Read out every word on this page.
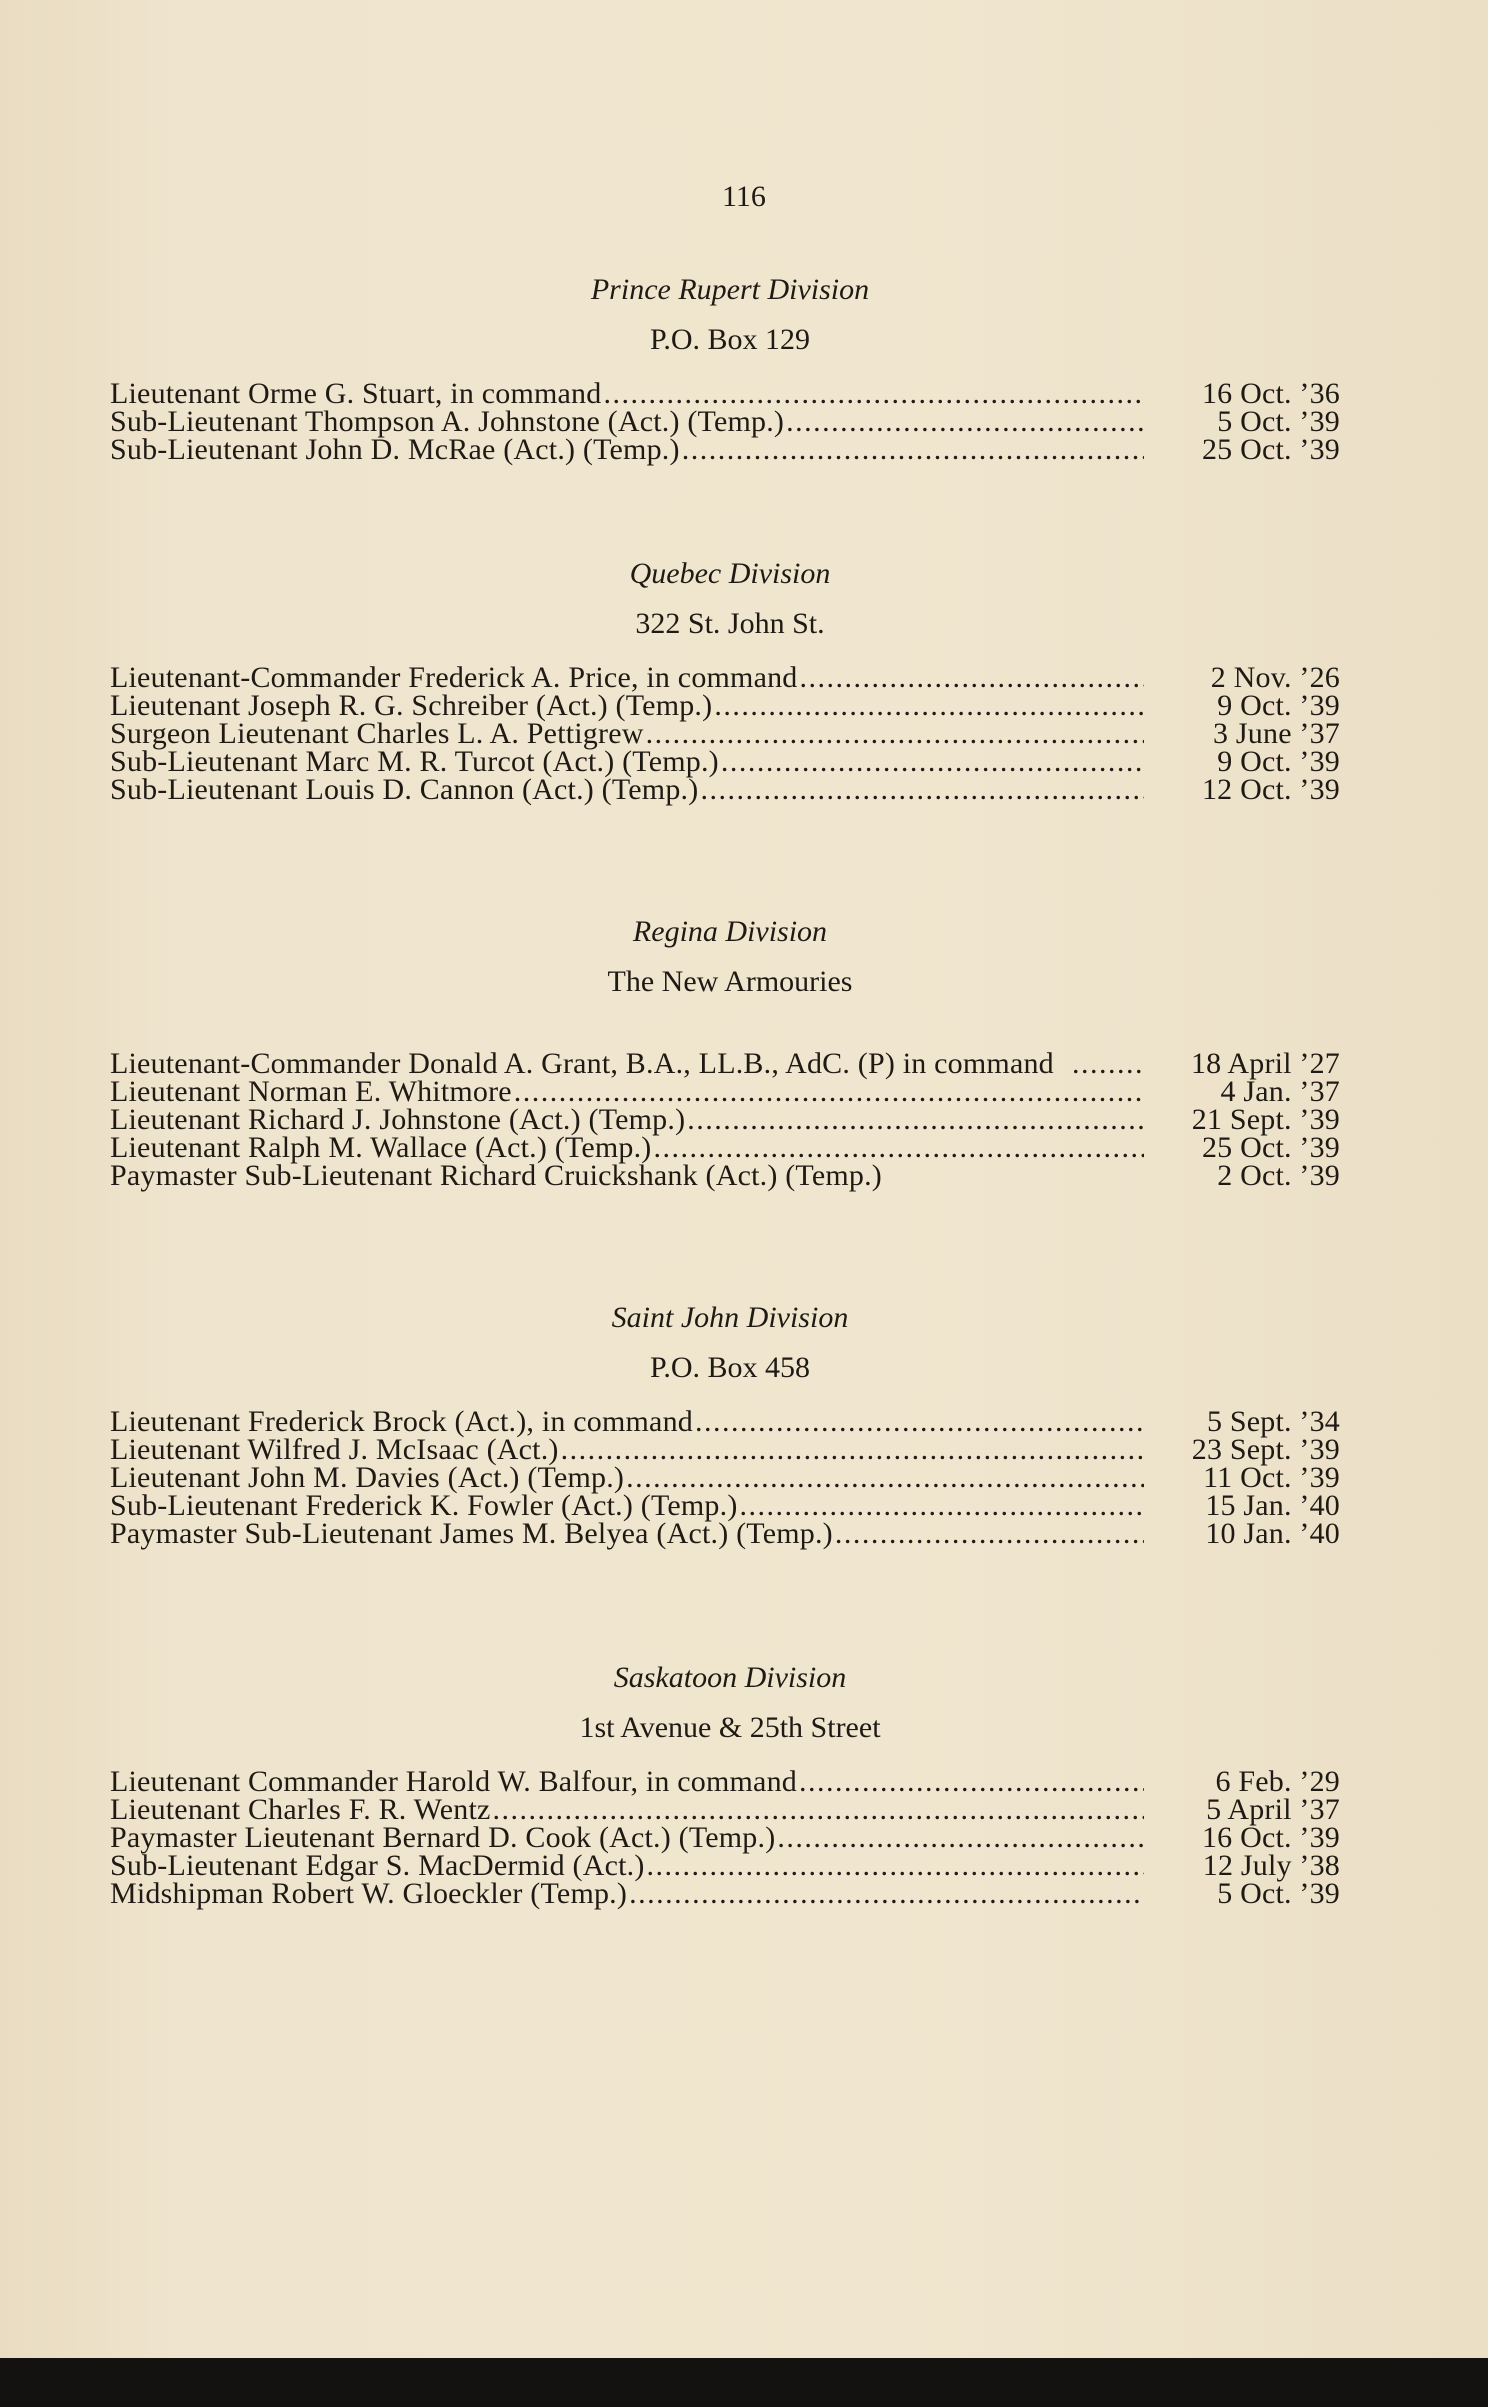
116
Prince Rupert Division
P.O. Box 129
Lieutenant Orme G. Stuart, in command . . .	16 Oct. ’36
Sub-Lieutenant Thompson A. Johnstone (Act.) (Temp.) . . .	5 Oct. ’39
Sub-Lieutenant John D. McRae (Act.) (Temp.) . . .	25 Oct. ’39
Quebec Division
322 St. John St.
Lieutenant-Commander Frederick A. Price, in command . . .	2 Nov. ’26
Lieutenant Joseph R. G. Schreiber (Act.) (Temp.) . . .	9 Oct. ’39
Surgeon Lieutenant Charles L. A. Pettigrew . . .	3 June ’37
Sub-Lieutenant Marc M. R. Turcot (Act.) (Temp.) . . .	9 Oct. ’39
Sub-Lieutenant Louis D. Cannon (Act.) (Temp.) . . .	12 Oct. ’39
Regina Division
The New Armouries
Lieutenant-Commander Donald A. Grant, B.A., LL.B., AdC. (P) in command . . .	18 April ’27
Lieutenant Norman E. Whitmore . . .	4 Jan. ’37
Lieutenant Richard J. Johnstone (Act.) (Temp.) . . .	21 Sept. ’39
Lieutenant Ralph M. Wallace (Act.) (Temp.) . . .	25 Oct. ’39
Paymaster Sub-Lieutenant Richard Cruickshank (Act.) (Temp.)	2 Oct. ’39
Saint John Division
P.O. Box 458
Lieutenant Frederick Brock (Act.), in command . . .	5 Sept. ’34
Lieutenant Wilfred J. McIsaac (Act.) . . .	23 Sept. ’39
Lieutenant John M. Davies (Act.) (Temp.) . . .	11 Oct. ’39
Sub-Lieutenant Frederick K. Fowler (Act.) (Temp.) . . .	15 Jan. ’40
Paymaster Sub-Lieutenant James M. Belyea (Act.) (Temp.) . . .	10 Jan. ’40
Saskatoon Division
1st Avenue & 25th Street
Lieutenant Commander Harold W. Balfour, in command . . .	6 Feb. ’29
Lieutenant Charles F. R. Wentz . . .	5 April ’37
Paymaster Lieutenant Bernard D. Cook (Act.) (Temp.) . . .	16 Oct. ’39
Sub-Lieutenant Edgar S. MacDermid (Act.) . . .	12 July ’38
Midshipman Robert W. Gloeckler (Temp.) . . .	5 Oct. ’39
